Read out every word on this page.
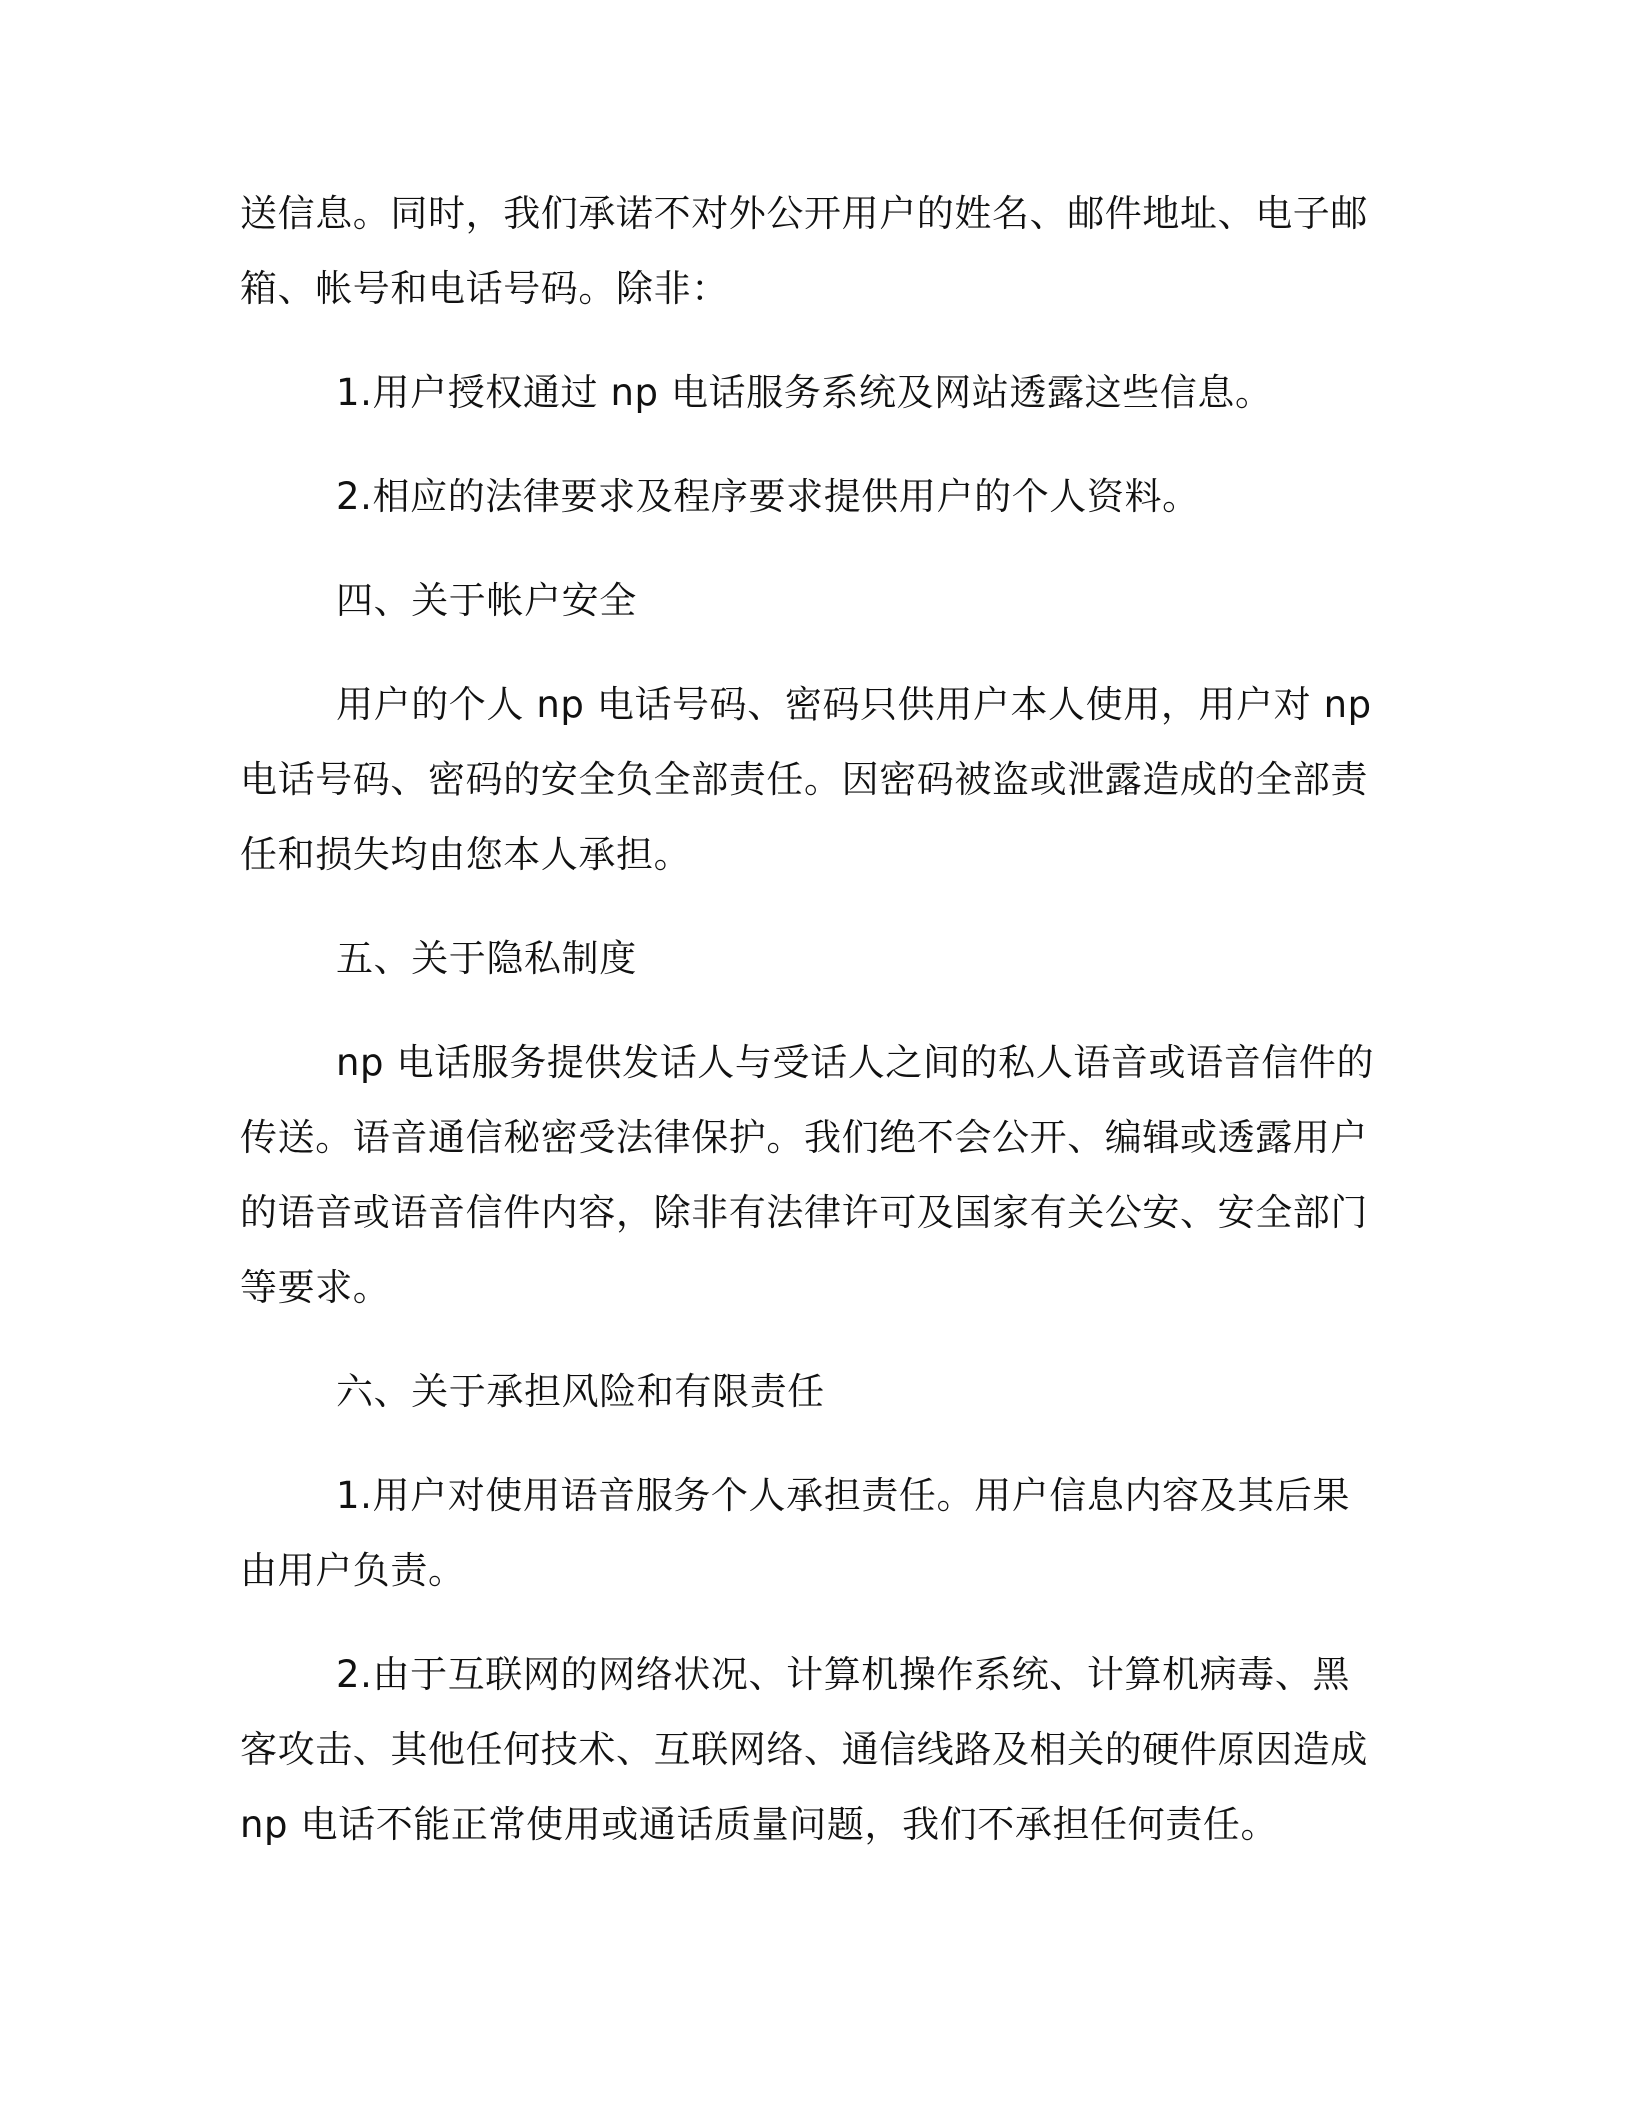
送信息。同时，我们承诺不对外公开用户的姓名、邮件地址、电子邮箱、帐号和电话号码。除非：

1.用户授权通过 np 电话服务系统及网站透露这些信息。

2.相应的法律要求及程序要求提供用户的个人资料。

四、关于帐户安全

用户的个人 np 电话号码、密码只供用户本人使用，用户对 np 电话号码、密码的安全负全部责任。因密码被盗或泄露造成的全部责任和损失均由您本人承担。

五、关于隐私制度

np 电话服务提供发话人与受话人之间的私人语音或语音信件的传送。语音通信秘密受法律保护。我们绝不会公开、编辑或透露用户的语音或语音信件内容，除非有法律许可及国家有关公安、安全部门等要求。

六、关于承担风险和有限责任

1.用户对使用语音服务个人承担责任。用户信息内容及其后果由用户负责。

2.由于互联网的网络状况、计算机操作系统、计算机病毒、黑客攻击、其他任何技术、互联网络、通信线路及相关的硬件原因造成 np 电话不能正常使用或通话质量问题，我们不承担任何责任。
